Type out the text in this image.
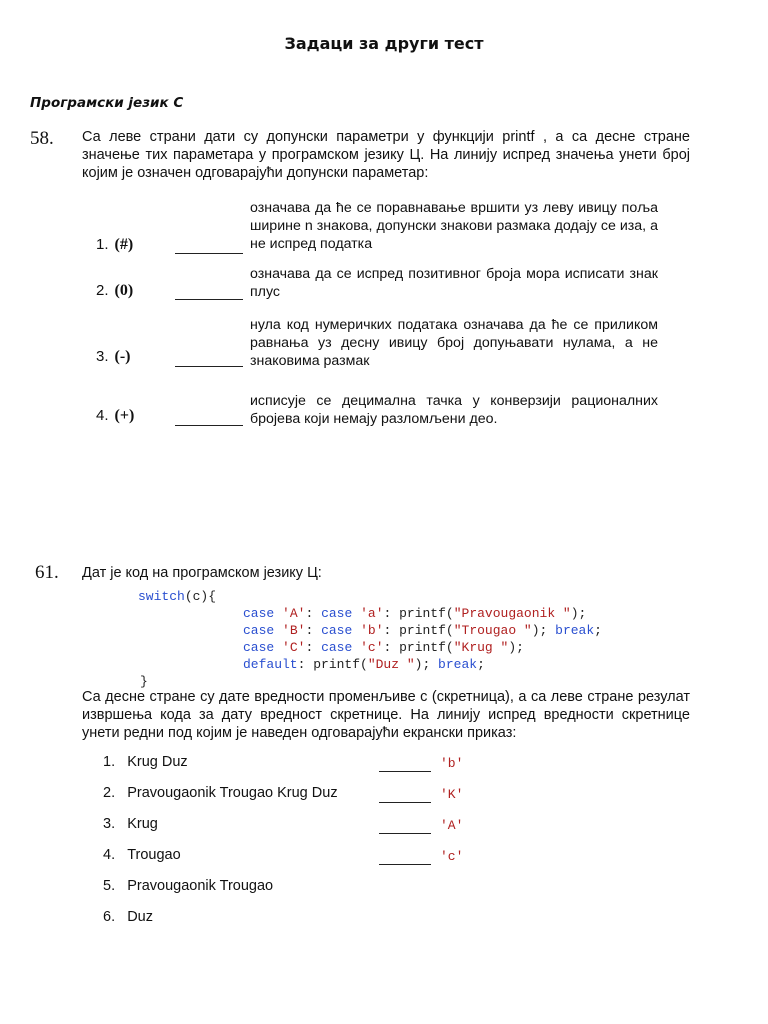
Задаци за други тест
Програмски језик C
58. Са леве страни дати су допунски параметри у функцији printf , а са десне стране значење тих параметара у програмском језику Ц. На линију испред значења унети број којим је означен одговарајући допунски параметар:
1. (#)
2. (0)
3. (-)
4. (+)
означава да ће се поравнавање вршити уз леву ивицу поља ширине n знакова, допунски знакови размака додају се иза, а не испред податка
означава да се испред позитивног броја мора исписати знак плус
нула код нумеричких података означава да ће се приликом равнања уз десну ивицу број допуњавати нулама, а не знаковима размак
исписује се децимална тачка у конверзији рационалних бројева који немају разломљени део.
61. Дат је код на програмском језику Ц:
switch(c){
case 'A': case 'a': printf("Pravougaonik ");
case 'B': case 'b': printf("Trougao "); break;
case 'C': case 'c': printf("Krug ");
default: printf("Duz "); break;
}
Са десне стране су дате вредности променљиве с (скретница), а са леве стране резулат извршења кода за дату вредност скретнице. На линију испред вредности скретнице унети редни под којим је наведен одговарајући екрански приказ:
1. Krug Duz
2. Pravougaonik Trougao Krug Duz
3. Krug
4. Trougao
5. Pravougaonik Trougao
6. Duz
'b'
'K'
'A'
'c'
